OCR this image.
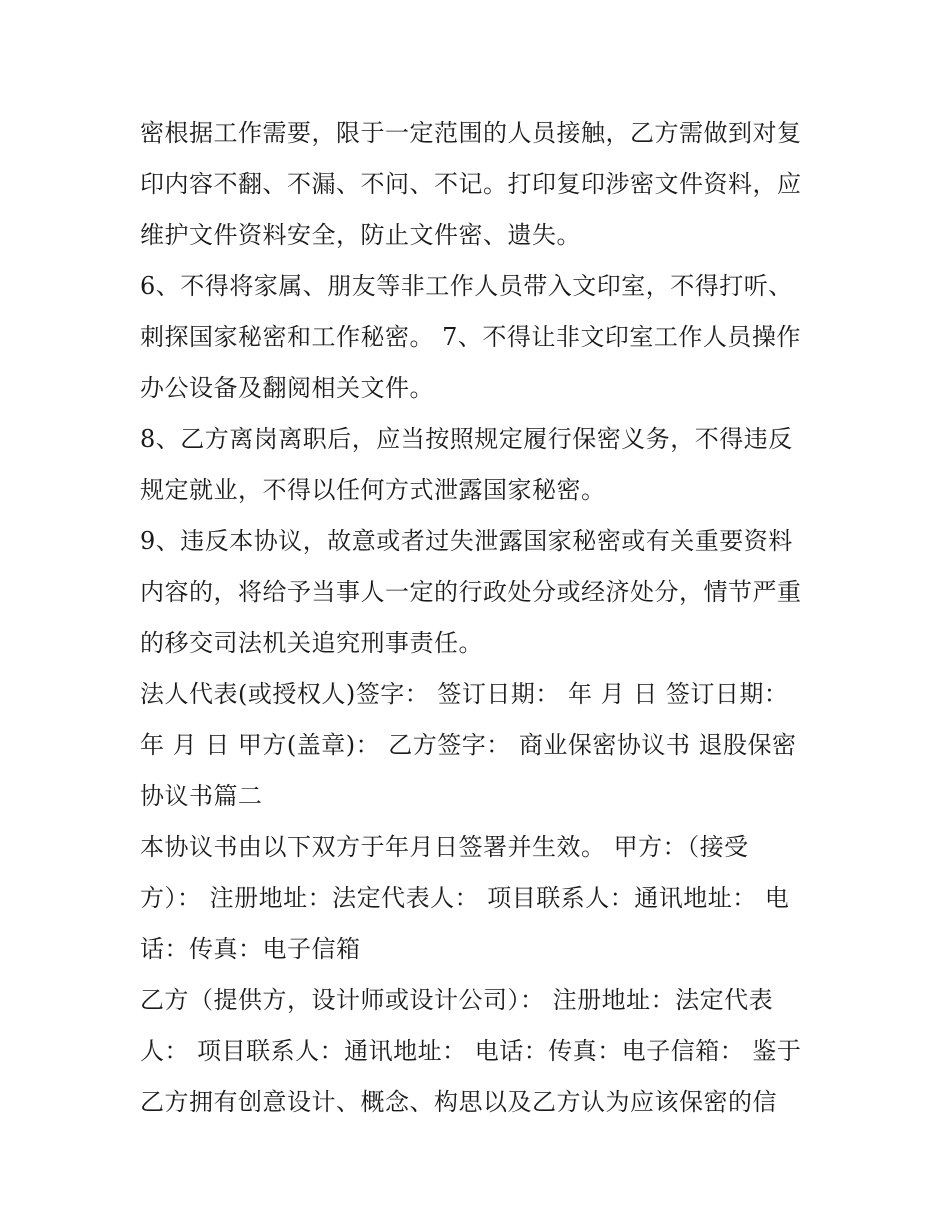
密根据工作需要，限于一定范围的人员接触，乙方需做到对复
印内容不翻、不漏、不问、不记。打印复印涉密文件资料，应
维护文件资料安全，防止文件密、遗失。
6、不得将家属、朋友等非工作人员带入文印室，不得打听、
刺探国家秘密和工作秘密。 7、不得让非文印室工作人员操作
办公设备及翻阅相关文件。
8、乙方离岗离职后，应当按照规定履行保密义务，不得违反
规定就业，不得以任何方式泄露国家秘密。
9、违反本协议，故意或者过失泄露国家秘密或有关重要资料
内容的，将给予当事人一定的行政处分或经济处分，情节严重
的移交司法机关追究刑事责任。
法人代表(或授权人)签字： 签订日期： 年 月 日 签订日期：
年 月 日 甲方(盖章)： 乙方签字： 商业保密协议书 退股保密
协议书篇二
本协议书由以下双方于年月日签署并生效。 甲方：（接受
方）： 注册地址：法定代表人： 项目联系人：通讯地址： 电
话：传真：电子信箱
乙方（提供方，设计师或设计公司）： 注册地址：法定代表
人： 项目联系人：通讯地址： 电话：传真：电子信箱： 鉴于
乙方拥有创意设计、概念、构思以及乙方认为应该保密的信
